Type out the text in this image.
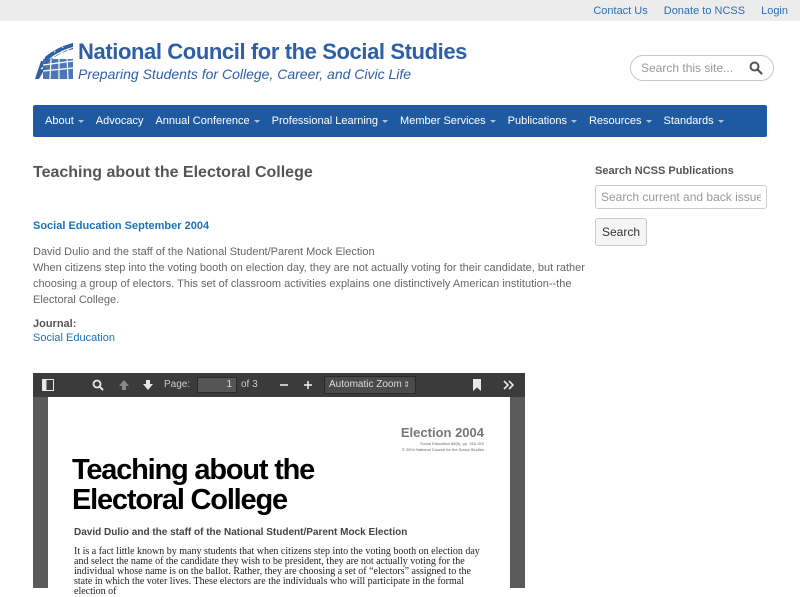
Contact Us Donate to NCSS Login
National Council for the Social Studies
Preparing Students for College, Career, and Civic Life
Search this site...
About Advocacy Annual Conference Professional Learning Member Services Publications Resources Standards
Teaching about the Electoral College
Social Education September 2004
David Dulio and the staff of the National Student/Parent Mock Election
When citizens step into the voting booth on election day, they are not actually voting for their candidate, but rather choosing a group of electors. This set of classroom activities explains one distinctively American institution--the Electoral College.
Journal:
Social Education
Search NCSS Publications
Search current and back issues Search
Page:	1 of 3	Automatic Zoom ⇕
Election 2004
Social Education 68(5), pp. 316-320
© 2004 National Council for the Social Studies
Teaching about the
Electoral College
David Dulio and the staff of the National Student/Parent Mock Election
It is a fact little known by many students that when citizens step into the voting booth on election day and select the name of the candidate they wish to be president, they are not actually voting for the individual whose name is on the ballot. Rather, they are choosing a set of “electors” assigned to the state in which the voter lives. These electors are the individuals who will participate in the formal election of
